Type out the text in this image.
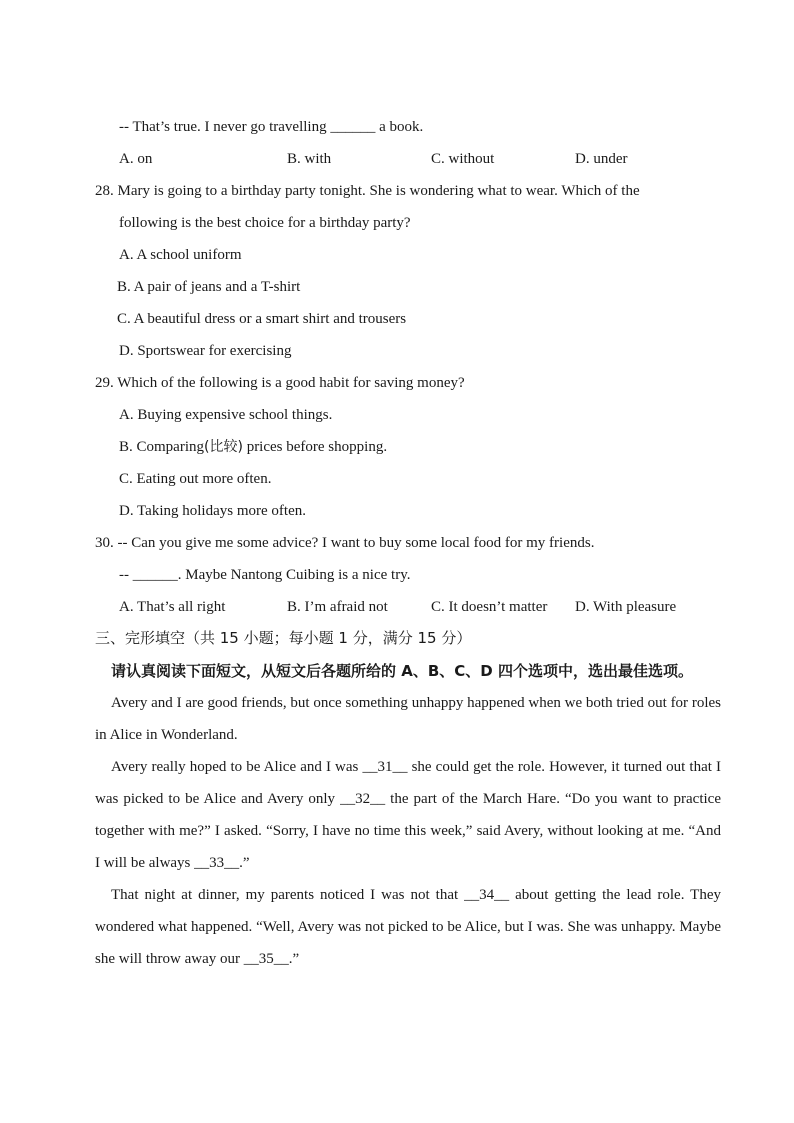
-- That’s true. I never go travelling ______ a book.
A. on	B. with	C. without	D. under
28. Mary is going to a birthday party tonight. She is wondering what to wear. Which of the
following is the best choice for a birthday party?
A. A school uniform
B. A pair of jeans and a T-shirt
C. A beautiful dress or a smart shirt and trousers
D. Sportswear for exercising
29. Which of the following is a good habit for saving money?
A. Buying expensive school things.
B. Comparing(比较) prices before shopping.
C. Eating out more often.
D. Taking holidays more often.
30. -- Can you give me some advice? I want to buy some local food for my friends.
-- ______. Maybe Nantong Cuibing is a nice try.
A. That’s all right	B. I’m afraid not	C. It doesn’t matter D. With pleasure
三、完形填空（共 15 小题；每小题 1 分，满分 15 分）
请认真阅读下面短文，从短文后各题所给的 A、B、C、D 四个选项中，选出最佳选项。
Avery and I are good friends, but once something unhappy happened when we both tried out for roles in Alice in Wonderland.
Avery really hoped to be Alice and I was __31__ she could get the role. However, it turned out that I was picked to be Alice and Avery only __32__ the part of the March Hare. “Do you want to practice together with me?” I asked. “Sorry, I have no time this week,” said Avery, without looking at me. “And I will be always __33__.”
That night at dinner, my parents noticed I was not that __34__ about getting the lead role. They wondered what happened. “Well, Avery was not picked to be Alice, but I was. She was unhappy. Maybe she will throw away our __35__.”
